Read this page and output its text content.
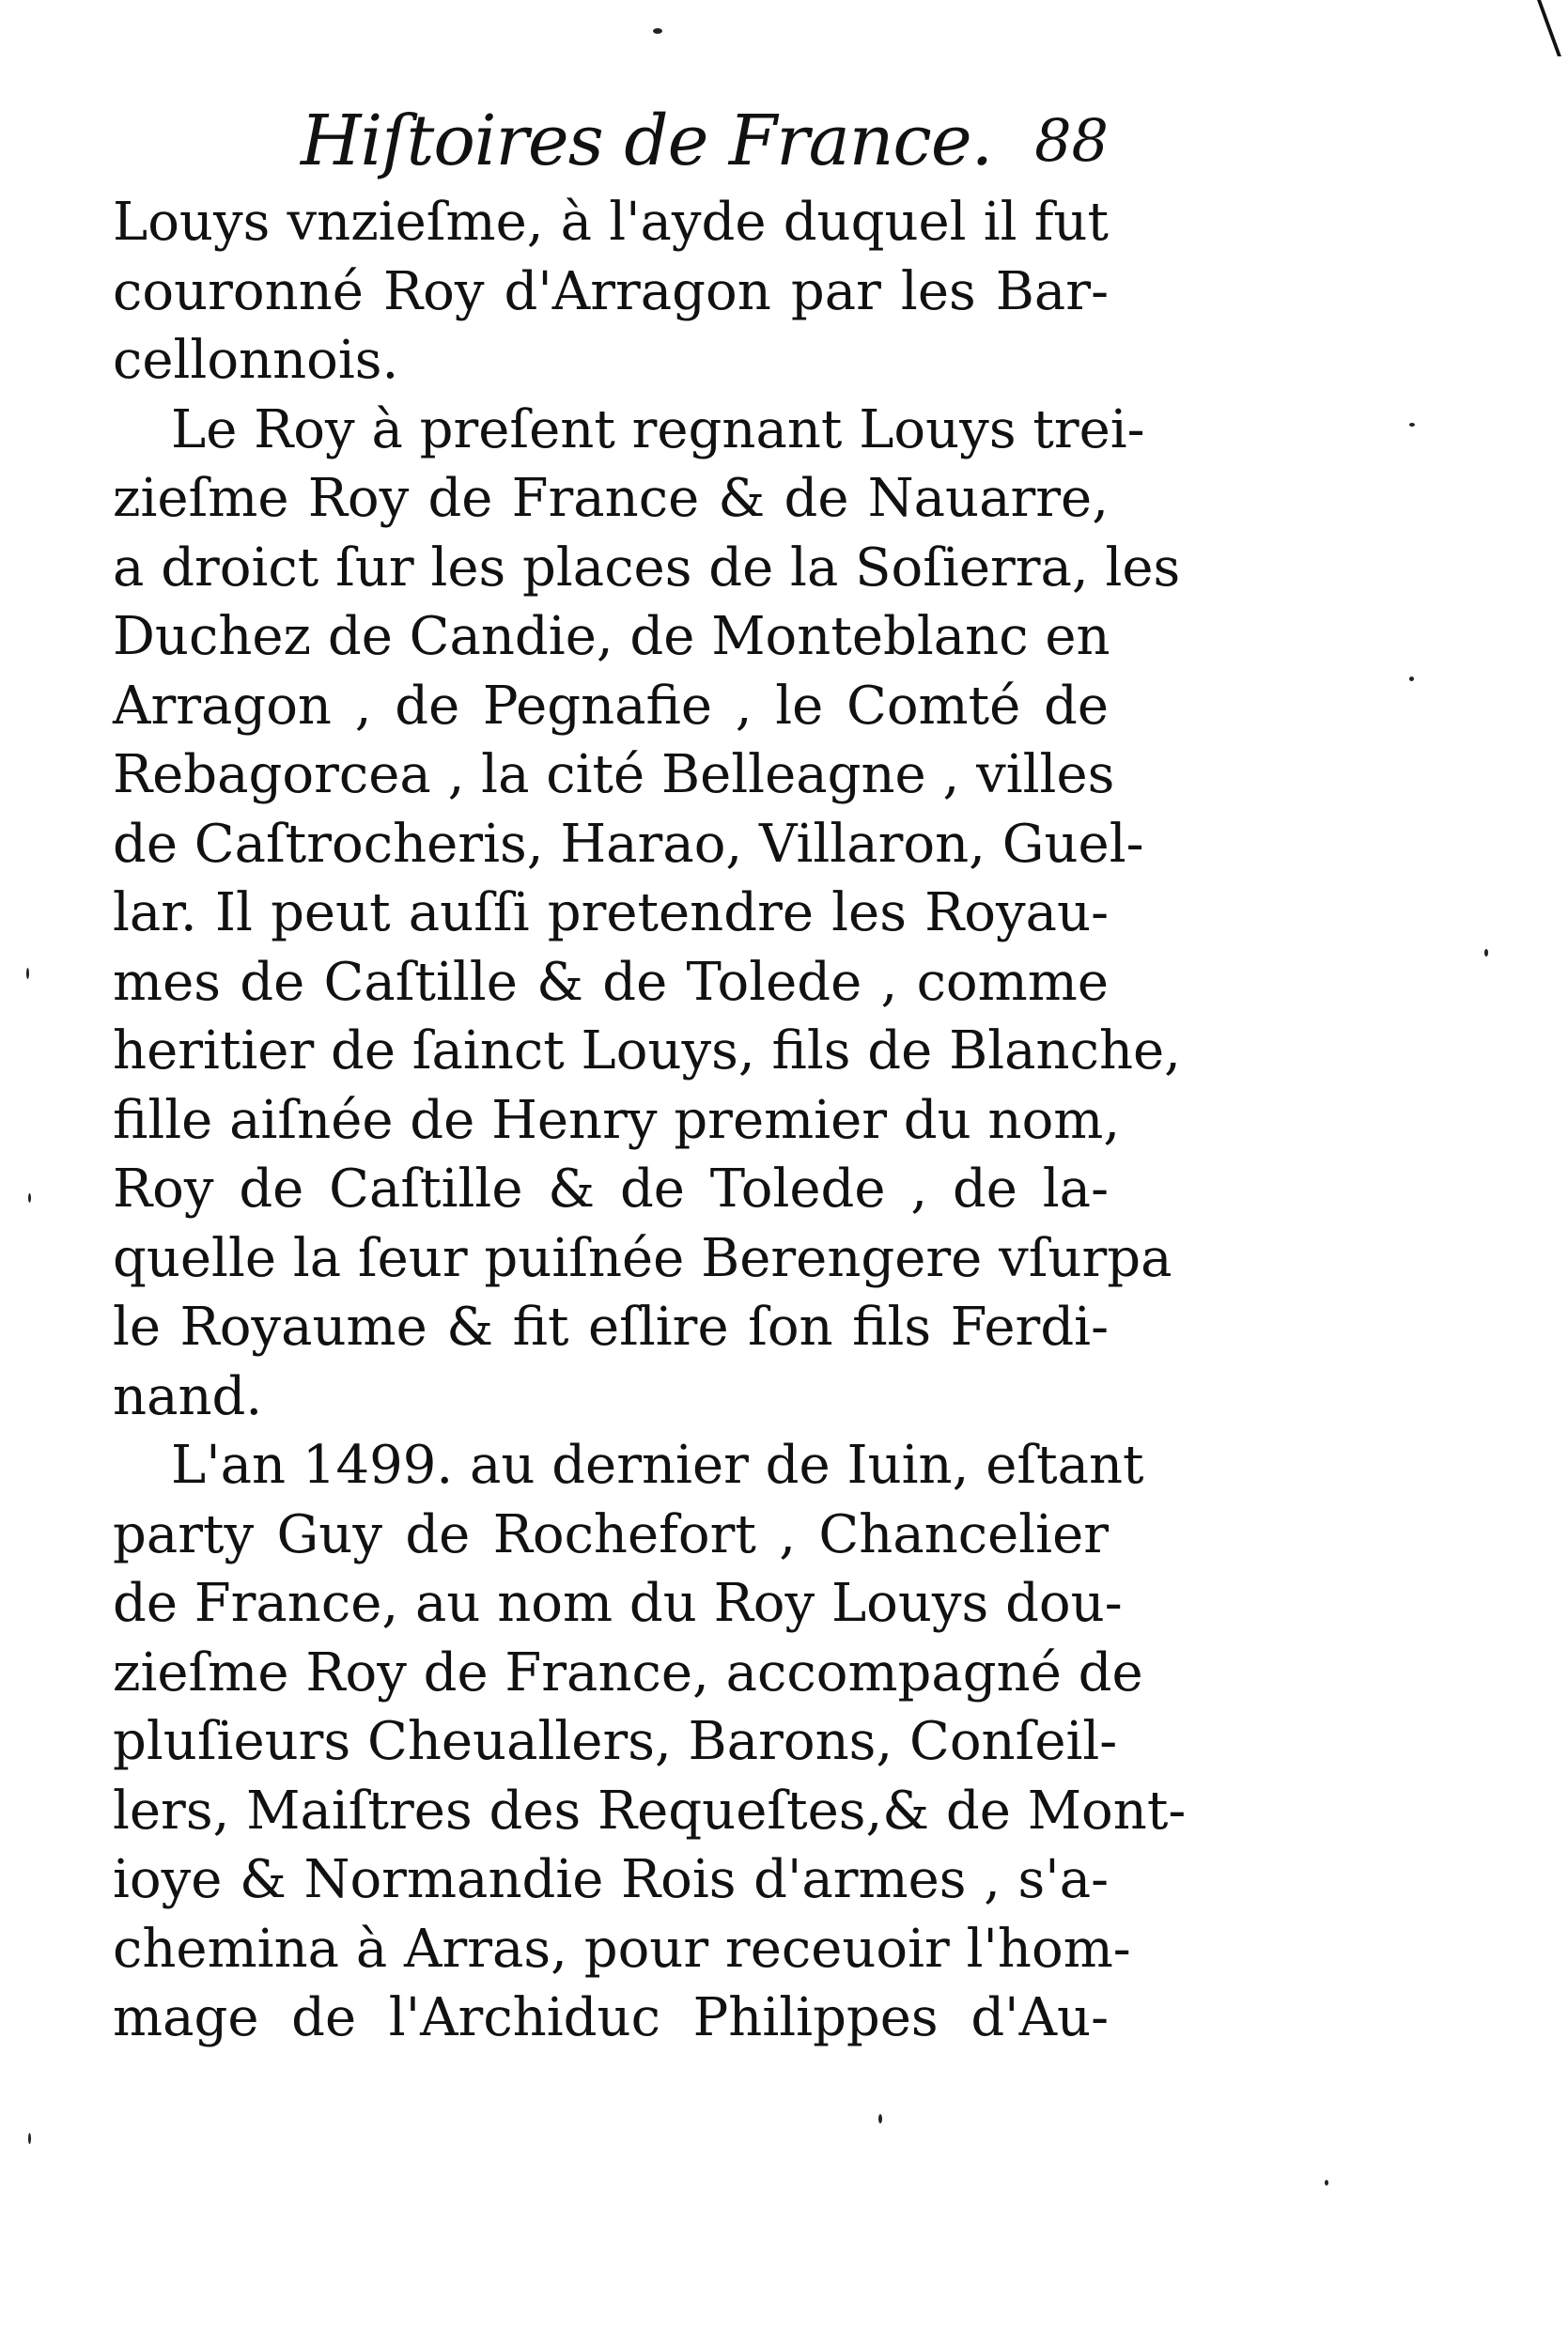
Hiſtoires de France. 88
Louys vnzieſme, à l'ayde duquel il fut
couronné Roy d'Arragon par les Bar-
cellonnois.
Le Roy à preſent regnant Louys trei-
zieſme Roy de France & de Nauarre,
a droict ſur les places de la Soſierra, les
Duchez de Candie, de Monteblanc en
Arragon , de Pegnafie , le Comté de
Rebagorcea , la cité Belleagne , villes
de Caſtrocheris, Harao, Villaron, Guel-
lar. Il peut auſſi pretendre les Royau-
mes de Caſtille & de Tolede , comme
heritier de ſainct Louys, fils de Blanche,
fille aiſnée de Henry premier du nom,
Roy de Caſtille & de Tolede , de la-
quelle la ſeur puiſnée Berengere vſurpa
le Royaume & fit eſlire ſon fils Ferdi-
nand.
L'an 1499. au dernier de Iuin, eſtant
party Guy de Rochefort , Chancelier
de France, au nom du Roy Louys dou-
zieſme Roy de France, accompagné de
pluſieurs Cheuallers, Barons, Conſeil-
lers, Maiſtres des Requeſtes,& de Mont-
ioye & Normandie Rois d'armes , s'a-
chemina à Arras, pour receuoir l'hom-
mage de l'Archiduc Philippes d'Au-
